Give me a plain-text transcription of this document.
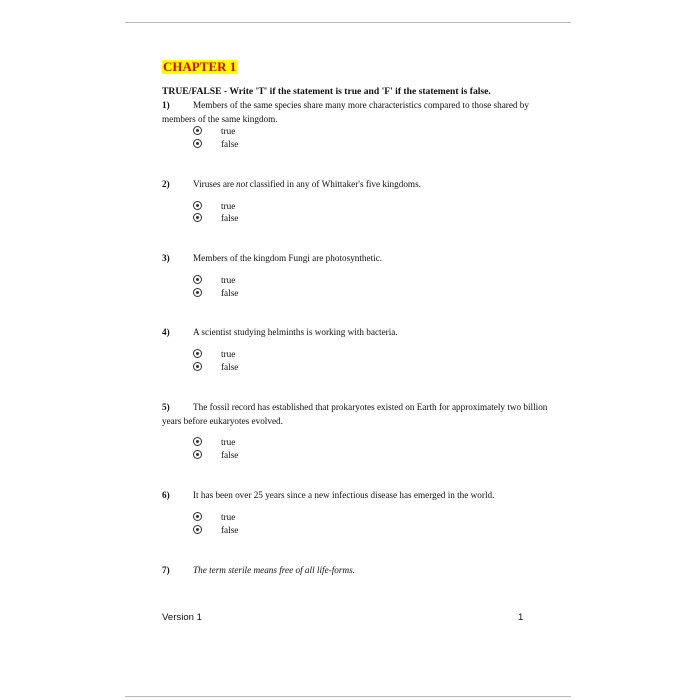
CHAPTER 1
TRUE/FALSE - Write 'T' if the statement is true and 'F' if the statement is false.
1)	Members of the same species share many more characteristics compared to those shared by members of the same kingdom.
true
false
2)	Viruses are not classified in any of Whittaker's five kingdoms.
true
false
3)	Members of the kingdom Fungi are photosynthetic.
true
false
4)	A scientist studying helminths is working with bacteria.
true
false
5)	The fossil record has established that prokaryotes existed on Earth for approximately two billion years before eukaryotes evolved.
true
false
6)	It has been over 25 years since a new infectious disease has emerged in the world.
true
false
7)	The term sterile means free of all life-forms.
Version 1	1
